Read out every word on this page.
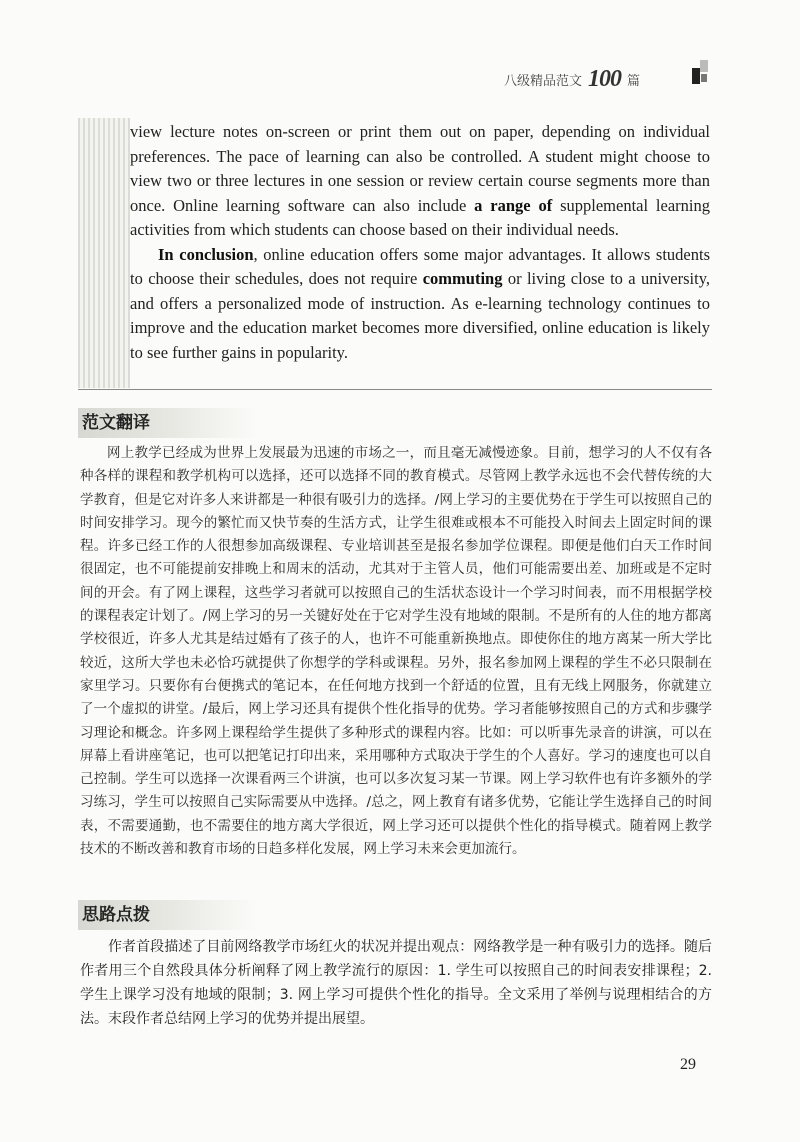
八级精品范文 100 篇

view lecture notes on-screen or print them out on paper, depending on individual preferences. The pace of learning can also be controlled. A student might choose to view two or three lectures in one session or review certain course segments more than once. Online learning software can also include a range of supplemental learning activities from which students can choose based on their individual needs.

In conclusion, online education offers some major advantages. It allows students to choose their schedules, does not require commuting or living close to a university, and offers a personalized mode of instruction. As e-learning technology continues to improve and the education market becomes more diversified, online education is likely to see further gains in popularity.

范文翻译

网上教学已经成为世界上发展最为迅速的市场之一，而且毫无减慢迹象。目前，想学习的人不仅有各种各样的课程和教学机构可以选择，还可以选择不同的教育模式。尽管网上教学永远也不会代替传统的大学教育，但是它对许多人来讲都是一种很有吸引力的选择。/网上学习的主要优势在于学生可以按照自己的时间安排学习。现今的繁忙而又快节奏的生活方式，让学生很难或根本不可能投入时间去上固定时间的课程。许多已经工作的人很想参加高级课程、专业培训甚至是报名参加学位课程。即便是他们白天工作时间很固定，也不可能提前安排晚上和周末的活动，尤其对于主管人员，他们可能需要出差、加班或是不定时间的开会。有了网上课程，这些学习者就可以按照自己的生活状态设计一个学习时间表，而不用根据学校的课程表定计划了。/网上学习的另一关键好处在于它对学生没有地域的限制。不是所有的人住的地方都离学校很近，许多人尤其是结过婚有了孩子的人，也许不可能重新换地点。即使你住的地方离某一所大学比较近，这所大学也未必恰巧就提供了你想学的学科或课程。另外，报名参加网上课程的学生不必只限制在家里学习。只要你有台便携式的笔记本，在任何地方找到一个舒适的位置，且有无线上网服务，你就建立了一个虚拟的讲堂。/最后，网上学习还具有提供个性化指导的优势。学习者能够按照自己的方式和步骤学习理论和概念。许多网上课程给学生提供了多种形式的课程内容。比如：可以听事先录音的讲演，可以在屏幕上看讲座笔记，也可以把笔记打印出来，采用哪种方式取决于学生的个人喜好。学习的速度也可以自己控制。学生可以选择一次课看两三个讲演，也可以多次复习某一节课。网上学习软件也有许多额外的学习练习，学生可以按照自己实际需要从中选择。/总之，网上教育有诸多优势，它能让学生选择自己的时间表，不需要通勤，也不需要住的地方离大学很近，网上学习还可以提供个性化的指导模式。随着网上教学技术的不断改善和教育市场的日趋多样化发展，网上学习未来会更加流行。

思路点拨

作者首段描述了目前网络教学市场红火的状况并提出观点：网络教学是一种有吸引力的选择。随后作者用三个自然段具体分析阐释了网上教学流行的原因：1. 学生可以按照自己的时间表安排课程；2. 学生上课学习没有地域的限制；3. 网上学习可提供个性化的指导。全文采用了举例与说理相结合的方法。末段作者总结网上学习的优势并提出展望。

29
